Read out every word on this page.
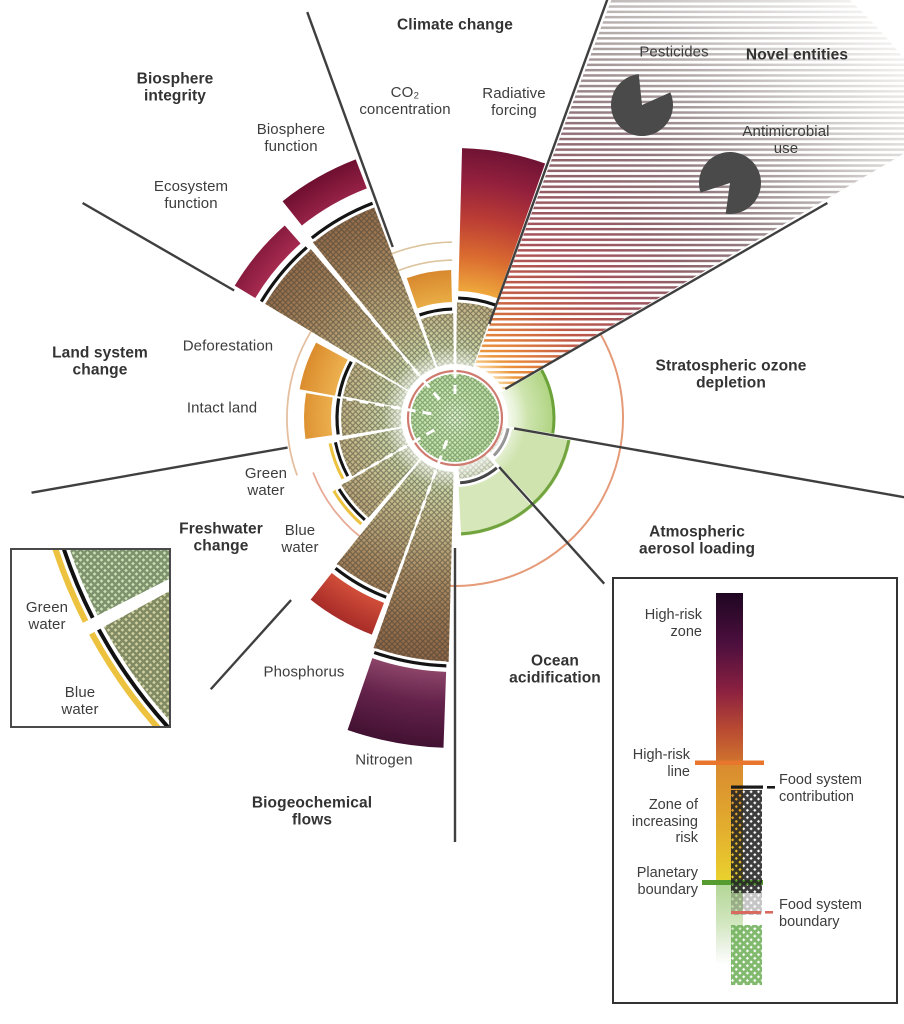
Climate change
Novel entities
Stratospheric ozone
depletion
Atmospheric
aerosol loading
Ocean
acidification
Biogeochemical
flows
Freshwater
change
Land system
change
Biosphere
integrity	CO₂
concentration
Radiative
forcing
Pesticides
Antimicrobial
use
Nitrogen
Phosphorus
Blue
water
Green
water
Deforestation
Intact land
Biosphere
function
Ecosystem
function
Green
water
Blue
water
High-risk
zone
High-risk
line
Food system
contribution
Zone of
increasing
risk
Planetary
boundary
Food system
boundary
